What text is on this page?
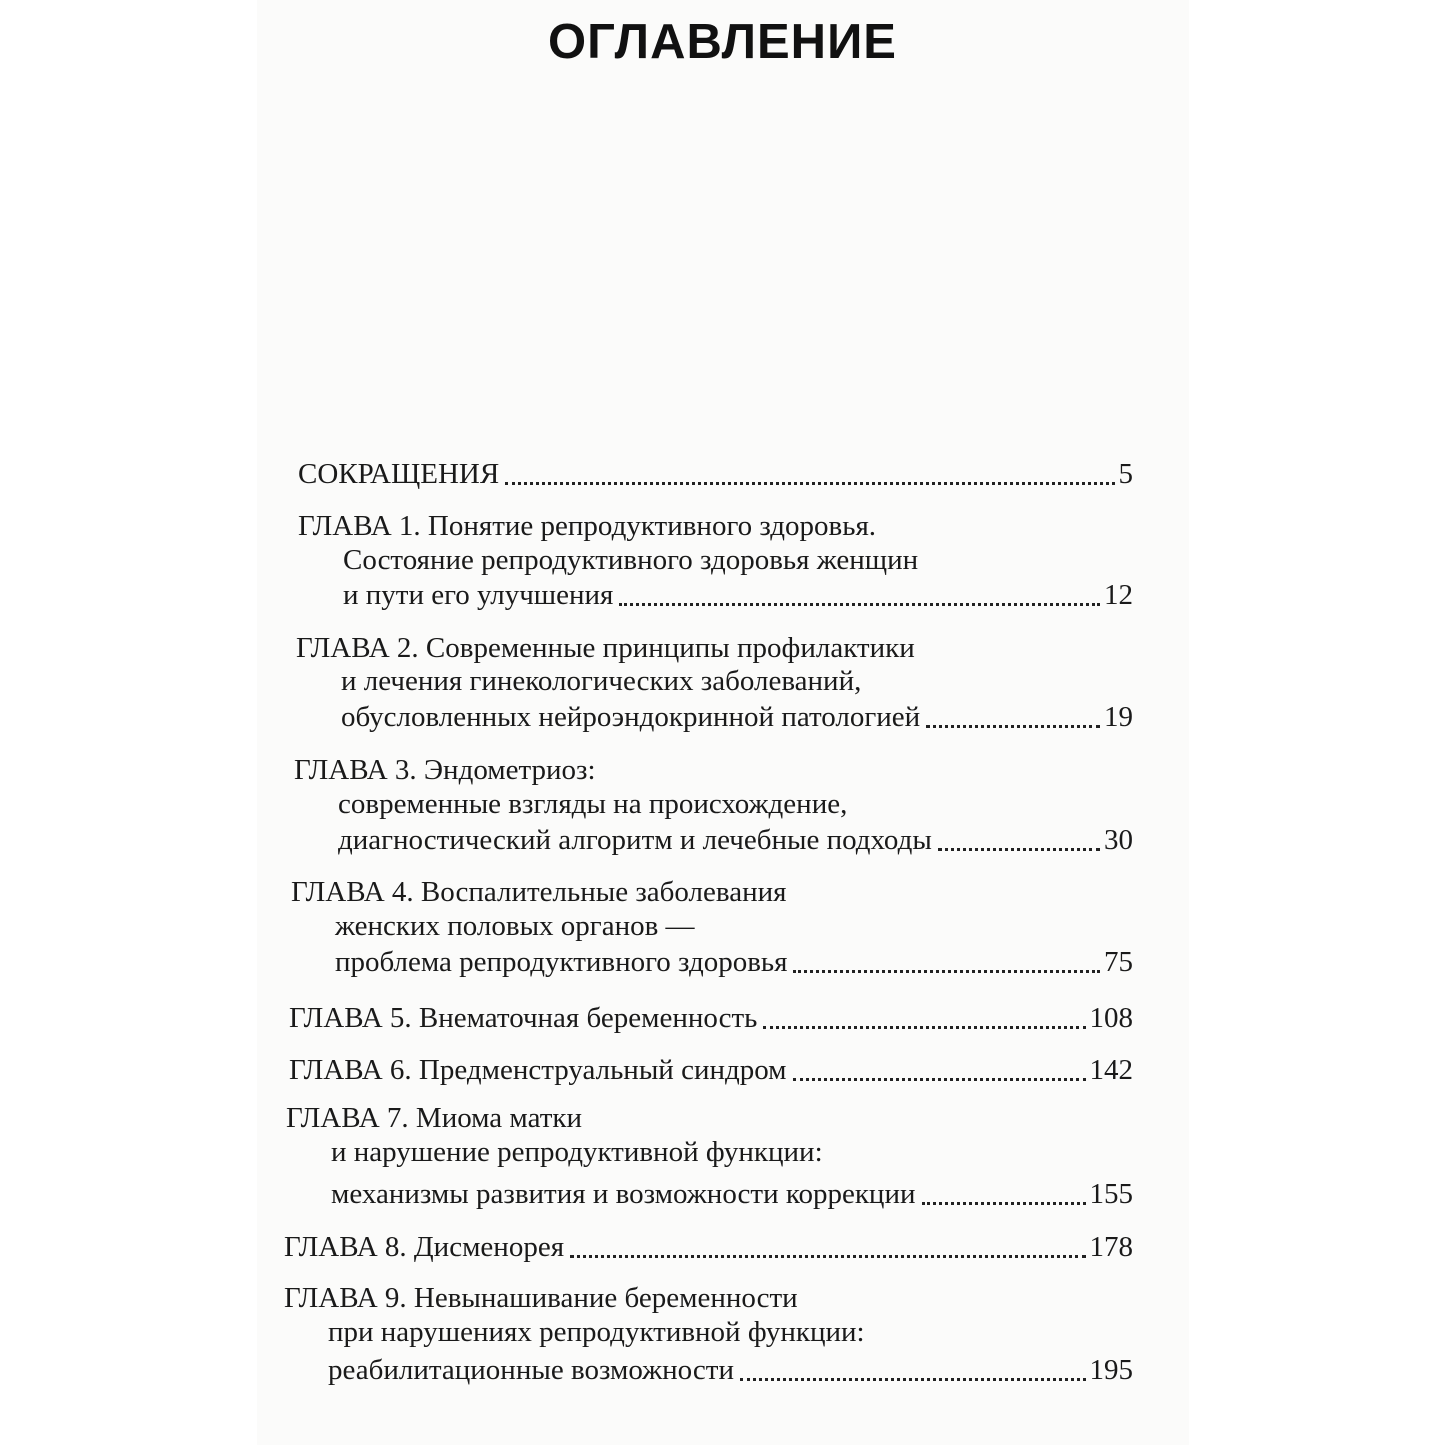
ОГЛАВЛЕНИЕ
СОКРАЩЕНИЯ	5
ГЛАВА 1. Понятие репродуктивного здоровья.
Состояние репродуктивного здоровья женщин
и пути его улучшения	12
ГЛАВА 2. Современные принципы профилактики
и лечения гинекологических заболеваний,
обусловленных нейроэндокринной патологией	19
ГЛАВА 3. Эндометриоз:
современные взгляды на происхождение,
диагностический алгоритм и лечебные подходы	30
ГЛАВА 4. Воспалительные заболевания
женских половых органов —
проблема репродуктивного здоровья	75
ГЛАВА 5. Внематочная беременность	108
ГЛАВА 6. Предменструальный синдром	142
ГЛАВА 7. Миома матки
и нарушение репродуктивной функции:
механизмы развития и возможности коррекции	155
ГЛАВА 8. Дисменорея	178
ГЛАВА 9. Невынашивание беременности
при нарушениях репродуктивной функции:
реабилитационные возможности	195
